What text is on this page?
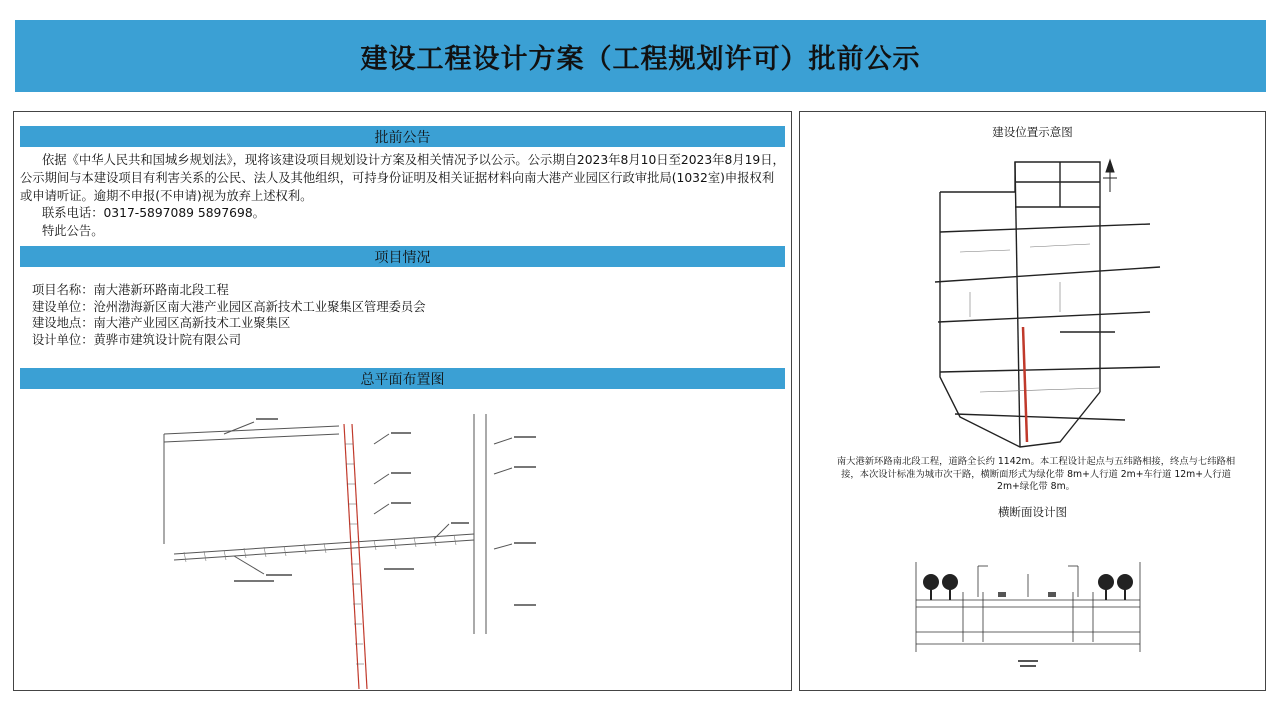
建设工程设计方案（工程规划许可）批前公示
批前公告

依据《中华人民共和国城乡规划法》，现将该建设项目规划设计方案及相关情况予以公示。公示期自2023年8月10日至2023年8月19日，公示期间与本建设项目有利害关系的公民、法人及其他组织，可持身份证明及相关证据材料向南大港产业园区行政审批局(1032室)申报权利或申请听证。逾期不申报(不申请)视为放弃上述权利。

联系电话：0317-5897089 5897698。

特此公告。

项目情况
项目名称：南大港新环路南北段工程
建设单位：沧州渤海新区南大港产业园区高新技术工业聚集区管理委员会
建设地点：南大港产业园区高新技术工业聚集区
设计单位：黄骅市建筑设计院有限公司
总平面布置图
建设位置示意图
南大港新环路南北段工程，道路全长约 1142m。本工程设计起点与五纬路相接，终点与七纬路相接，本次设计标准为城市次干路，横断面形式为绿化带 8m+人行道 2m+车行道 12m+人行道 2m+绿化带 8m。
横断面设计图
